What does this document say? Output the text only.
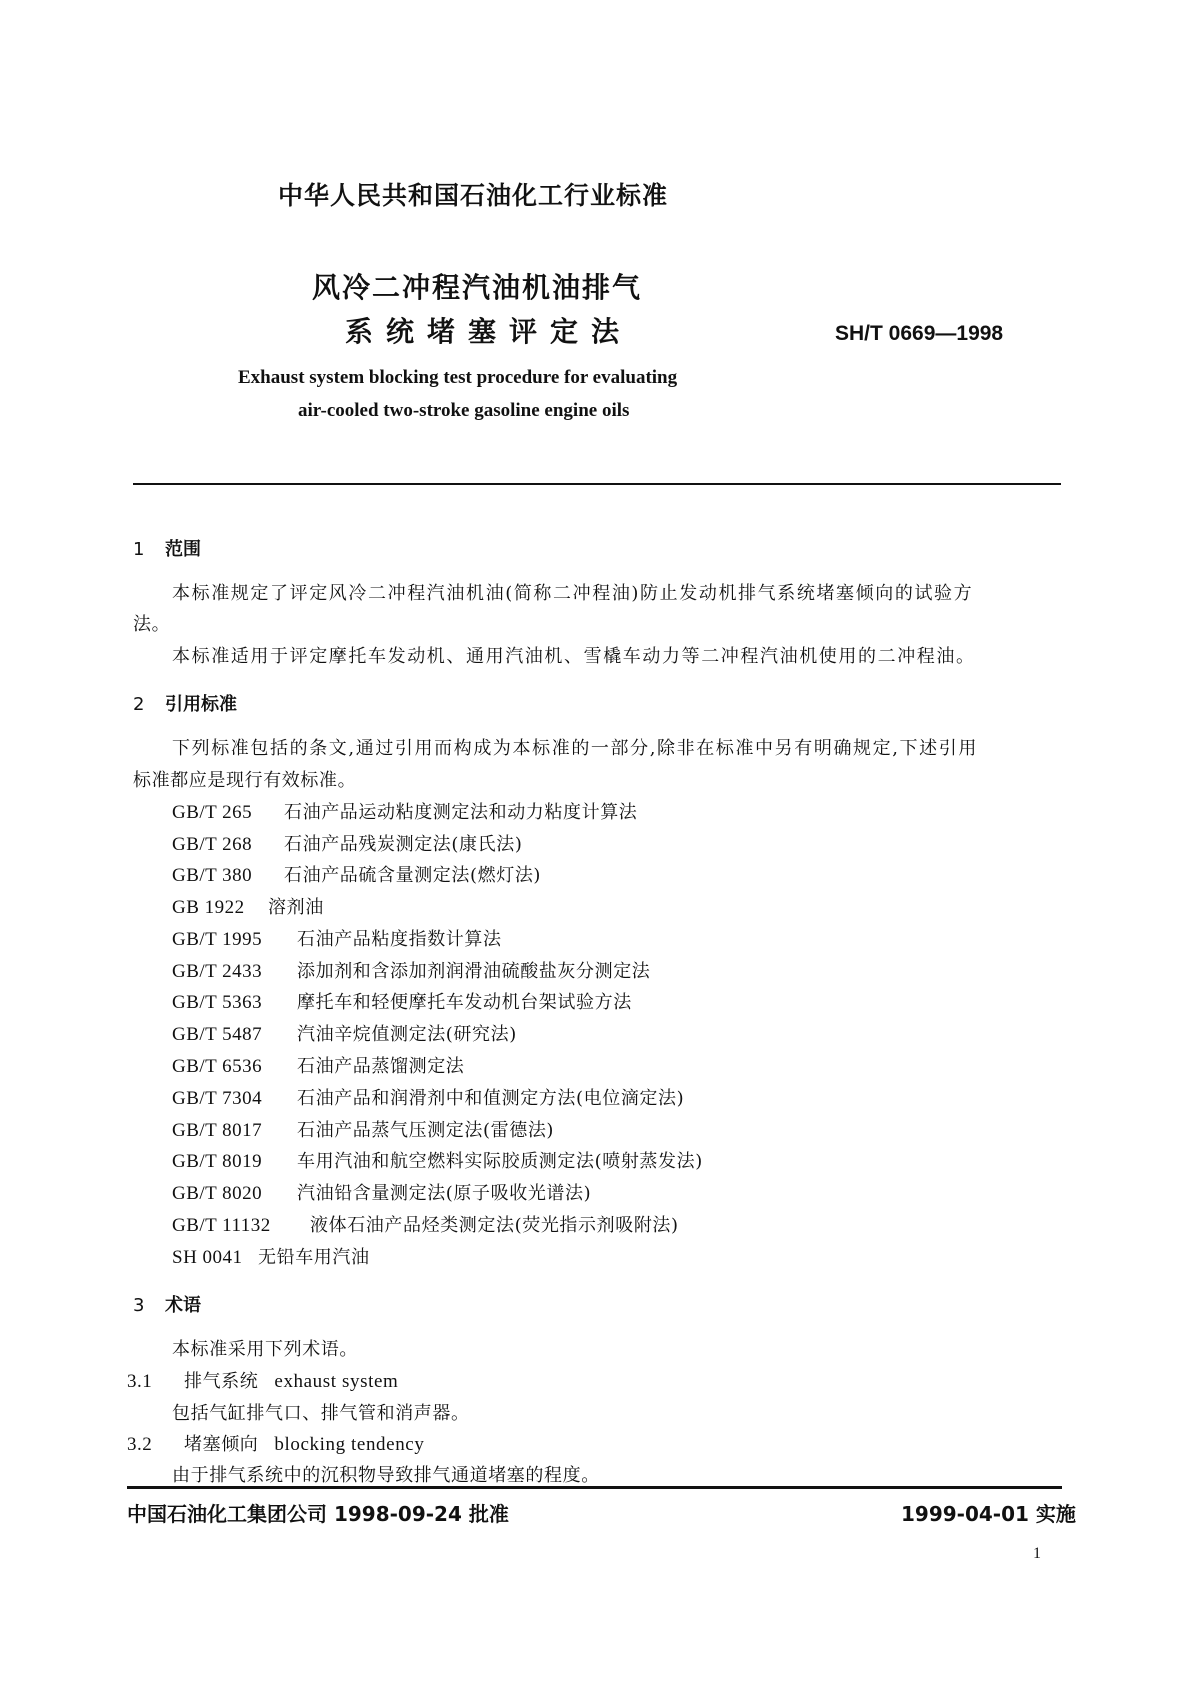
中华人民共和国石油化工行业标准
风冷二冲程汽油机油排气
系统堵塞评定法	SH/T 0669—1998
Exhaust system blocking test procedure for evaluating
air-cooled two-stroke gasoline engine oils
1 范围
本标准规定了评定风冷二冲程汽油机油(简称二冲程油)防止发动机排气系统堵塞倾向的试验方
法。
本标准适用于评定摩托车发动机、通用汽油机、雪橇车动力等二冲程汽油机使用的二冲程油。
2 引用标准
下列标准包括的条文,通过引用而构成为本标准的一部分,除非在标准中另有明确规定,下述引用
标准都应是现行有效标准。
GB/T 265 石油产品运动粘度测定法和动力粘度计算法
GB/T 268 石油产品残炭测定法(康氏法)
GB/T 380 石油产品硫含量测定法(燃灯法)
GB 1922 溶剂油
GB/T 1995 石油产品粘度指数计算法
GB/T 2433 添加剂和含添加剂润滑油硫酸盐灰分测定法
GB/T 5363 摩托车和轻便摩托车发动机台架试验方法
GB/T 5487 汽油辛烷值测定法(研究法)
GB/T 6536 石油产品蒸馏测定法
GB/T 7304 石油产品和润滑剂中和值测定方法(电位滴定法)
GB/T 8017 石油产品蒸气压测定法(雷德法)
GB/T 8019 车用汽油和航空燃料实际胶质测定法(喷射蒸发法)
GB/T 8020 汽油铅含量测定法(原子吸收光谱法)
GB/T 11132 液体石油产品烃类测定法(荧光指示剂吸附法)
SH 0041 无铅车用汽油
3 术语
本标准采用下列术语。
3.1 排气系统 exhaust system
包括气缸排气口、排气管和消声器。
3.2 堵塞倾向 blocking tendency
由于排气系统中的沉积物导致排气通道堵塞的程度。
中国石油化工集团公司 1998-09-24 批准	1999-04-01 实施
1
